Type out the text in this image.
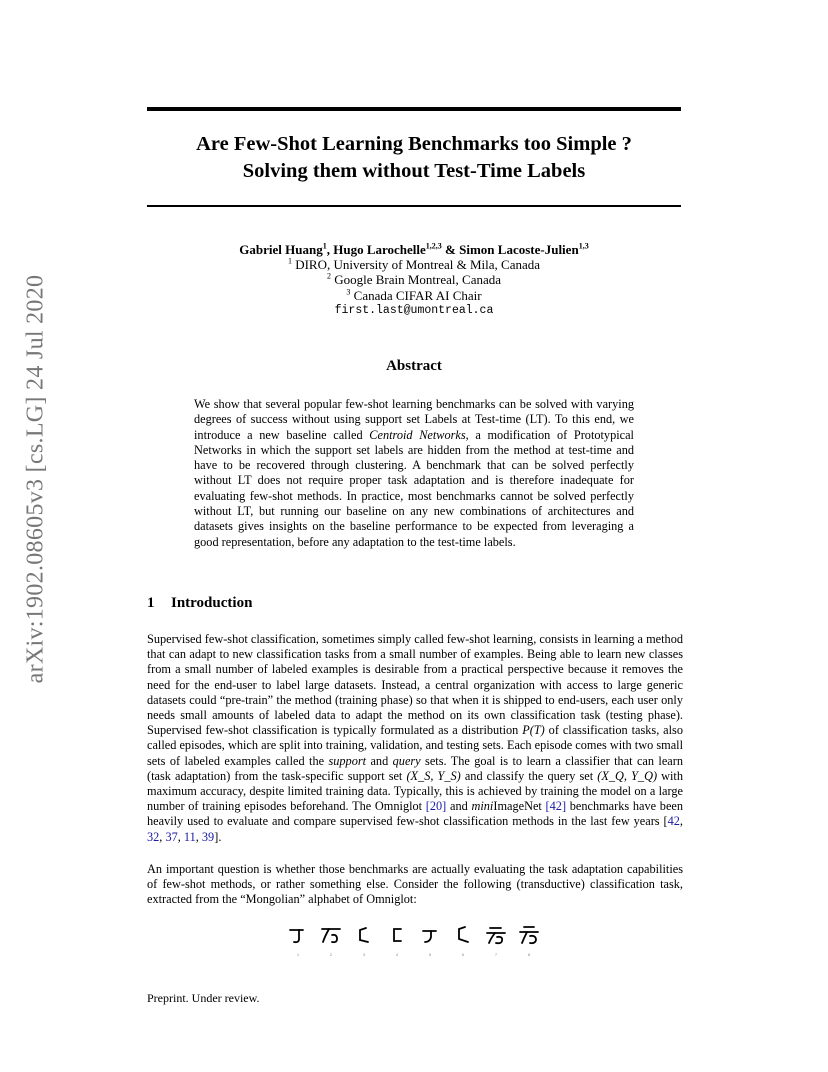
arXiv:1902.08605v3 [cs.LG] 24 Jul 2020
Are Few-Shot Learning Benchmarks too Simple ?
Solving them without Test-Time Labels
Gabriel Huang$^1$, Hugo Larochelle$^{1,2,3}$ & Simon Lacoste-Julien$^{1,3}$
$^1$ DIRO, University of Montreal & Mila, Canada
$^2$ Google Brain Montreal, Canada
$^3$ Canada CIFAR AI Chair
first.last@umontreal.ca
Abstract
We show that several popular few-shot learning benchmarks can be solved with varying degrees of success without using support set Labels at Test-time (LT). To this end, we introduce a new baseline called Centroid Networks, a modification of Prototypical Networks in which the support set labels are hidden from the method at test-time and have to be recovered through clustering. A benchmark that can be solved perfectly without LT does not require proper task adaptation and is therefore inadequate for evaluating few-shot methods. In practice, most benchmarks cannot be solved perfectly without LT, but running our baseline on any new combinations of architectures and datasets gives insights on the baseline performance to be expected from leveraging a good representation, before any adaptation to the test-time labels.
1 Introduction
Supervised few-shot classification, sometimes simply called few-shot learning, consists in learning a method that can adapt to new classification tasks from a small number of examples. Being able to learn new classes from a small number of labeled examples is desirable from a practical perspective because it removes the need for the end-user to label large datasets. Instead, a central organization with access to large generic datasets could “pre-train” the method (training phase) so that when it is shipped to end-users, each user only needs small amounts of labeled data to adapt the method on its own classification task (testing phase). Supervised few-shot classification is typically formulated as a distribution P(T) of classification tasks, also called episodes, which are split into training, validation, and testing sets. Each episode comes with two small sets of labeled examples called the support and query sets. The goal is to learn a classifier that can learn (task adaptation) from the task-specific support set (X_S, Y_S) and classify the query set (X_Q, Y_Q) with maximum accuracy, despite limited training data. Typically, this is achieved by training the model on a large number of training episodes beforehand. The Omniglot [20] and miniImageNet [42] benchmarks have been heavily used to evaluate and compare supervised few-shot classification methods in the last few years [42, 32, 37, 11, 39].
An important question is whether those benchmarks are actually evaluating the task adaptation capabilities of few-shot methods, or rather something else. Consider the following (transductive) classification task, extracted from the “Mongolian” alphabet of Omniglot:
1	2	3	4	5	6	7	8
Preprint. Under review.
